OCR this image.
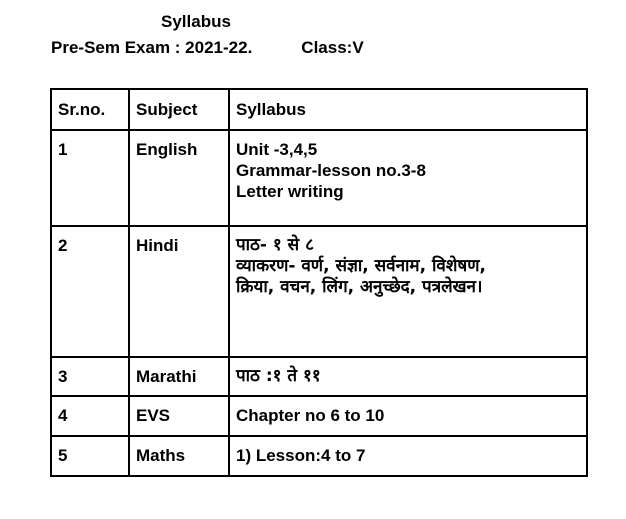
Syllabus
Pre-Sem Exam : 2021-22.	Class:V
Sr.no.	Subject	Syllabus
1	English	Unit -3,4,5
Grammar-lesson no.3-8
Letter writing

2	Hindi	पाठ- १ से ८
व्याकरण- वर्ण, संज्ञा, सर्वनाम, विशेषण,
क्रिया, वचन, लिंग, अनुच्छेद, पत्रलेखन।

3	Marathi	पाठ :१ ते ११

4	EVS	Chapter no 6 to 10

5	Maths	1) Lesson:4 to 7
